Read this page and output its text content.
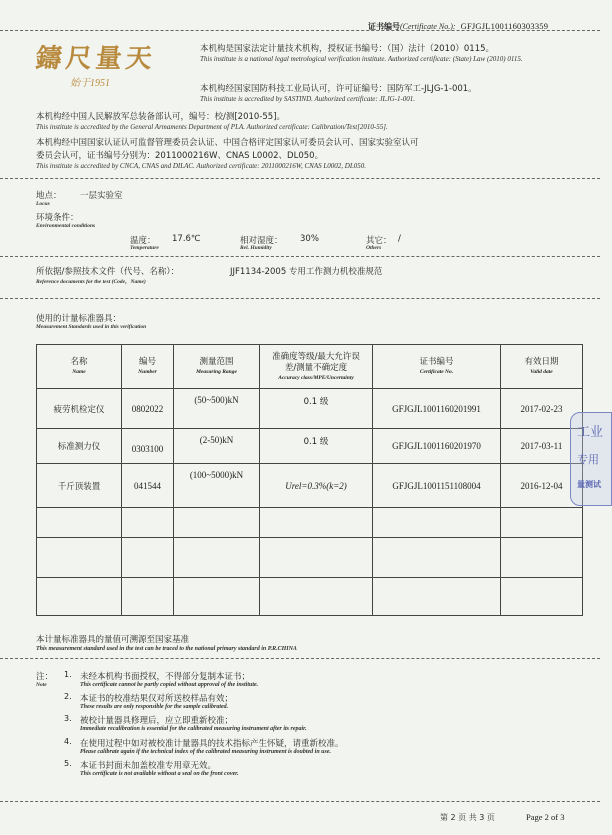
证书编号(Certificate No.): GFJGJL1001160303359
鑄尺量天
始于1951
本机构是国家法定计量技术机构，授权证书编号：（国）法计（2010）0115。
This institute is a national legal metrological verification institute. Authorized certificate: (State) Law (2010) 0115.
本机构经国家国防科技工业局认可，许可证编号：国防军工-JLJG-1-001。
This institute is accredited by SASTIND. Authorized certificate: JLJG-1-001.
本机构经中国人民解放军总装备部认可，编号：校/测[2010-55]。
This institute is accredited by the General Armaments Department of PLA. Authorized certificate: Calibration/Test[2010-55].
本机构经中国国家认证认可监督管理委员会认证、中国合格评定国家认可委员会认可、国家实验室认可
委员会认可，证书编号分别为：2011000216W、CNAS L0002、DL050。
This institute is accredited by CNCA, CNAS and DILAC. Authorized certificate: 2011000216W, CNAS L0002, DL050.
地点：
Locus
一层实验室
环境条件：
Environmental conditions
温度：
Temperature
17.6℃	相对湿度：
Rel. Humidity
30%	其它：
Others
/
所依据/参照技术文件（代号、名称）：
Reference documents for the test (Code，Name)
JJF1134-2005 专用工作测力机校准规范
使用的计量标准器具：
Measurement Standards used in this verification
名称
Name	编号
Number	测量范围
Measuring Range	准确度等级/最大允许误差/测量不确定度
Accuracy class/MPE/Uncertainty	证书编号
Certificate No.	有效日期
Valid date

疲劳机检定仪	0802022	(50~500)kN	0.1 级	GFJGJL1001160201991	2017-02-23
标准测力仪	0303100	(2-50)kN	0.1 级	GFJGJL1001160201970	2017-03-11
千斤顶装置	041544	(100~5000)kN	Urel=0.3%(k=2)	GFJGJL1001151108004	2016-12-04

本计量标准器具的量值可溯源至国家基准
This measurement standard used in the test can be traced to the national primary standard in P.R.CHINA
注：
Note
1. 未经本机构书面授权，不得部分复制本证书；
This certificate cannot be partly copied without approval of the institute.
2. 本证书的校准结果仅对所送校样品有效；
These results are only responsible for the sample calibrated.
3. 被校计量器具修理后，应立即重新校准；
Immediate recalibration is essential for the calibrated measuring instrument after its repair.
4. 在使用过程中如对被校准计量器具的技术指标产生怀疑，请重新校准。
Please calibrate again if the technical index of the calibrated measuring instrument is doubted in use.
5. 本证书封面未加盖校准专用章无效。
This certificate is not available without a seal on the front cover.
第 2 页 共 3 页	Page 2 of 3
工业
专用
量测试
